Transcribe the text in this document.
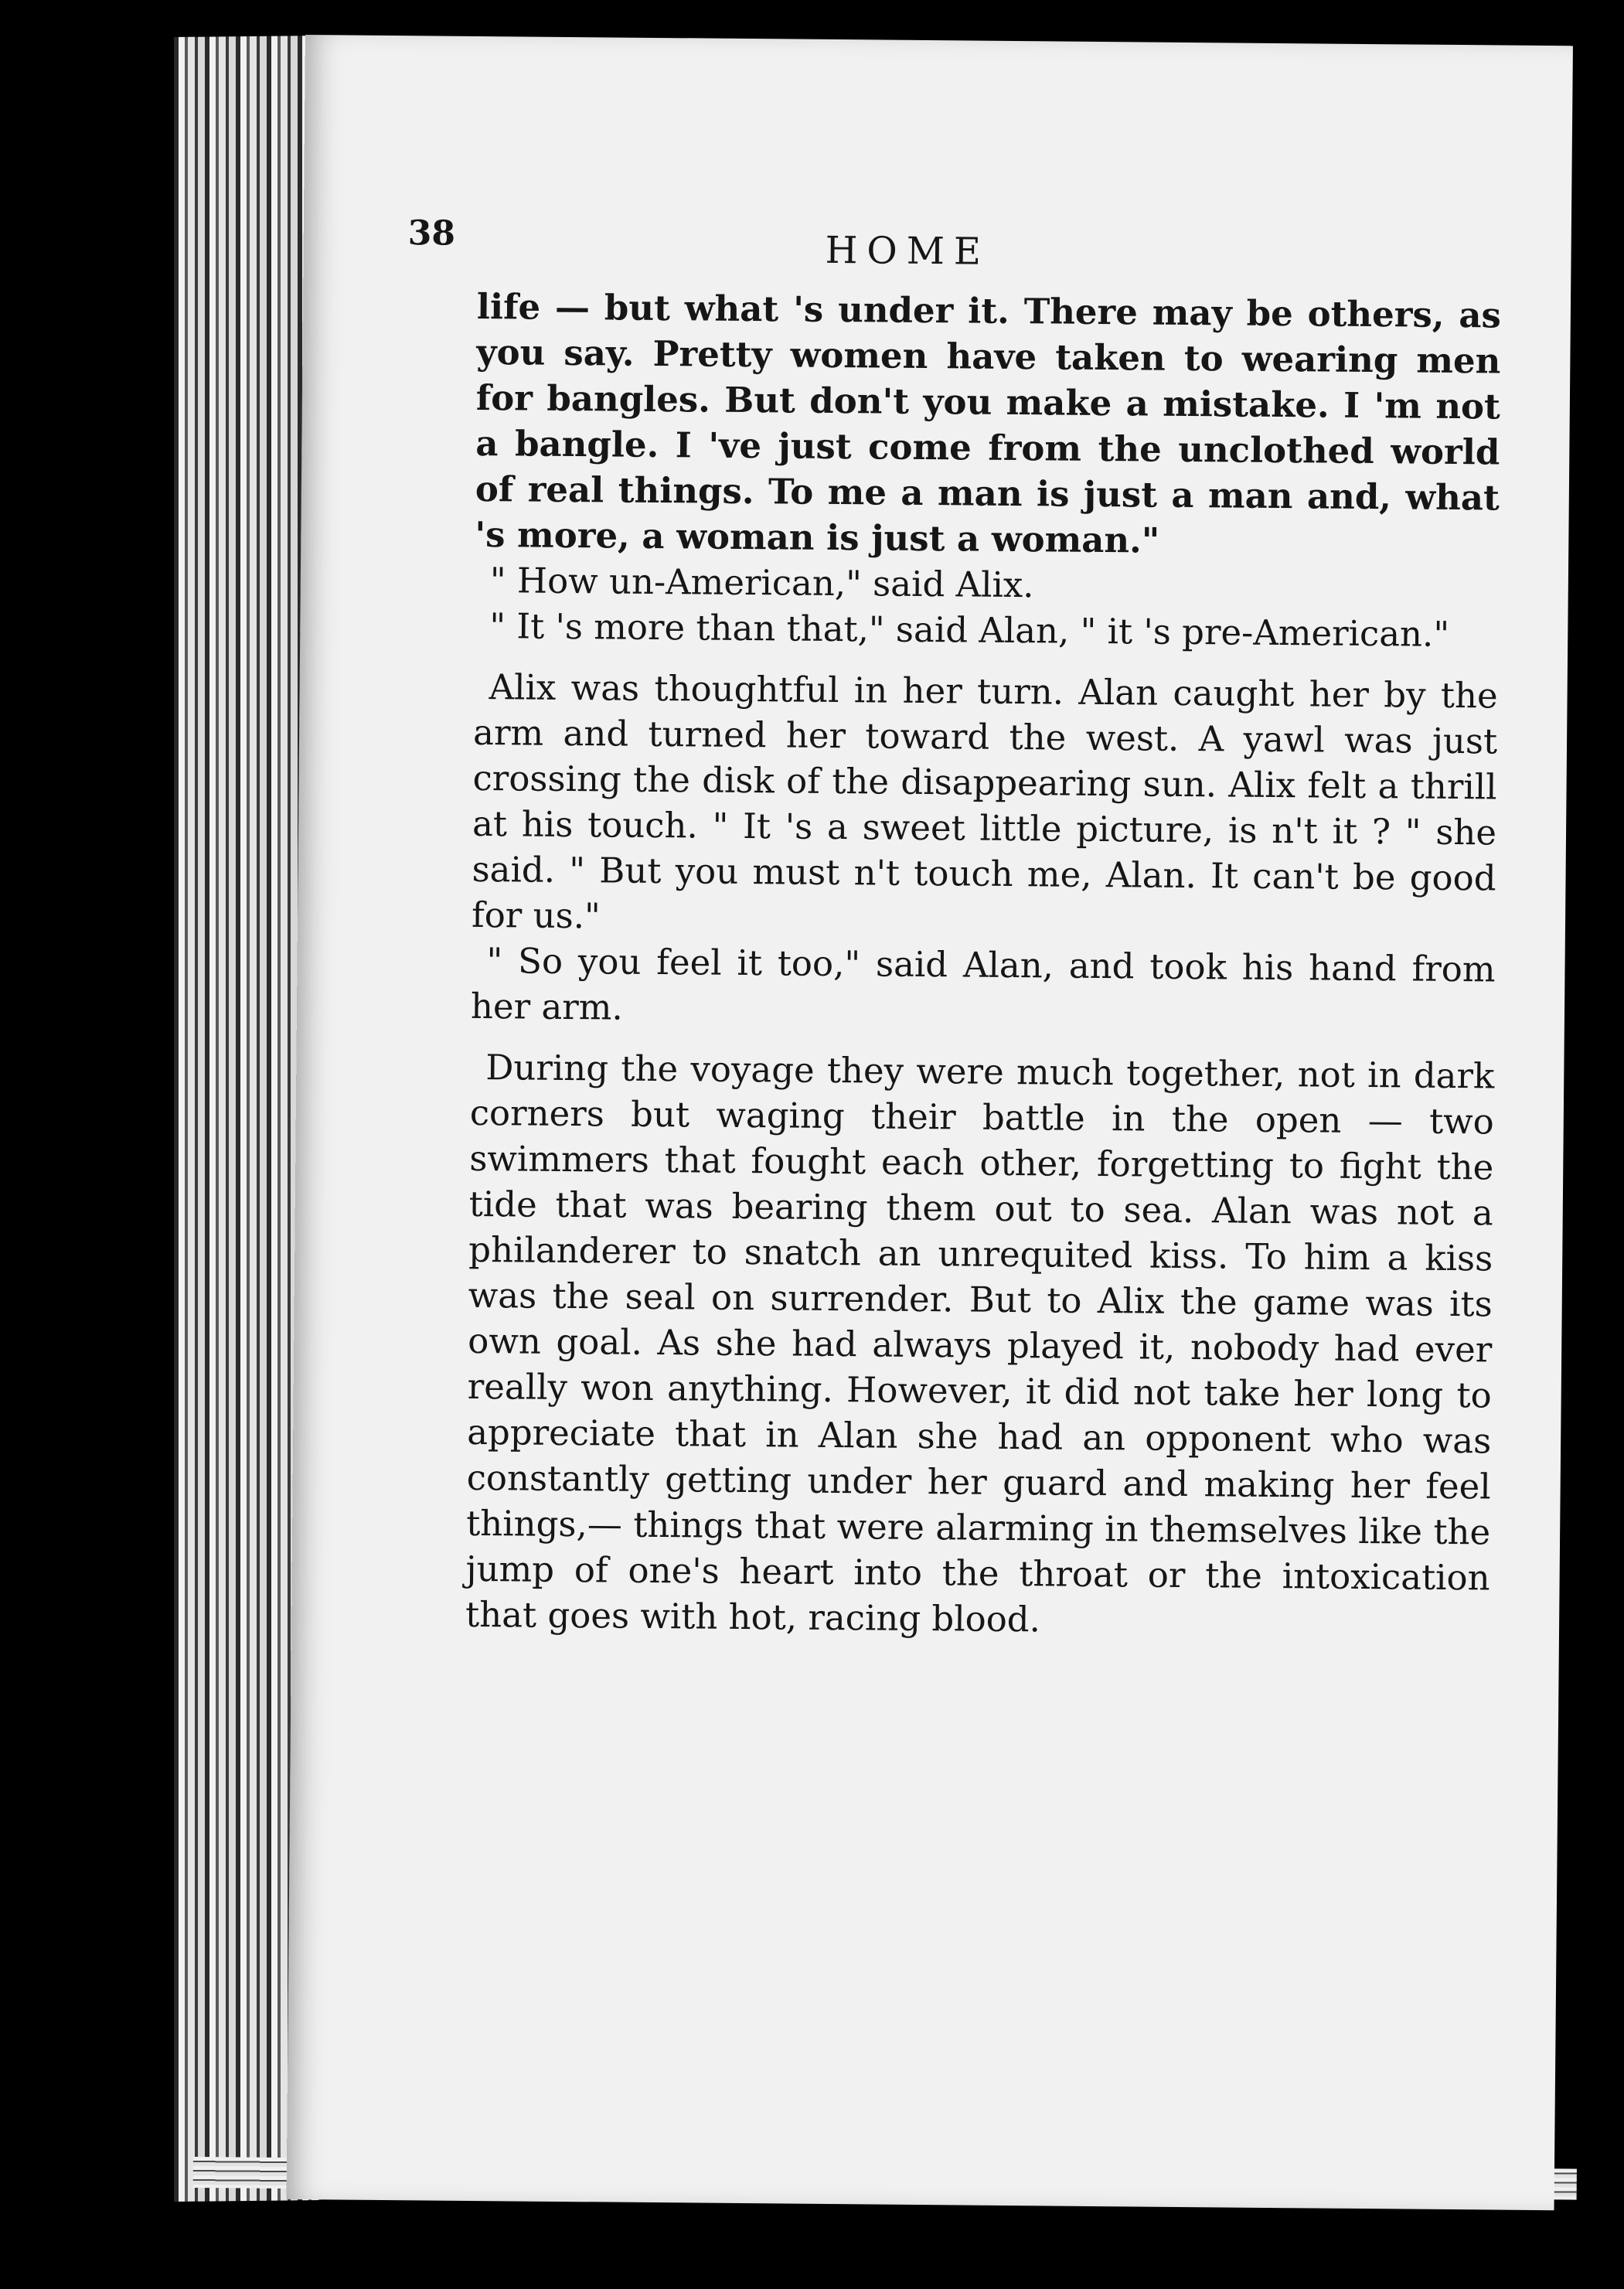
38	HOME

life — but what 's under it. There may be others, as you say. Pretty women have taken to wearing men for bangles. But don't you make a mistake. I 'm not a bangle. I 've just come from the unclothed world of real things. To me a man is just a man and, what 's more, a woman is just a woman."

" How un-American," said Alix.

" It 's more than that," said Alan, " it 's pre-American."

Alix was thoughtful in her turn. Alan caught her by the arm and turned her toward the west. A yawl was just crossing the disk of the disappearing sun. Alix felt a thrill at his touch. " It 's a sweet little picture, is n't it ? " she said. " But you must n't touch me, Alan. It can't be good for us."

" So you feel it too," said Alan, and took his hand from her arm.

During the voyage they were much together, not in dark corners but waging their battle in the open — two swimmers that fought each other, forgetting to fight the tide that was bearing them out to sea. Alan was not a philanderer to snatch an unrequited kiss. To him a kiss was the seal on surrender. But to Alix the game was its own goal. As she had always played it, nobody had ever really won anything. However, it did not take her long to appreciate that in Alan she had an opponent who was constantly getting under her guard and making her feel things,— things that were alarming in themselves like the jump of one's heart into the throat or the intoxication that goes with hot, racing blood.
